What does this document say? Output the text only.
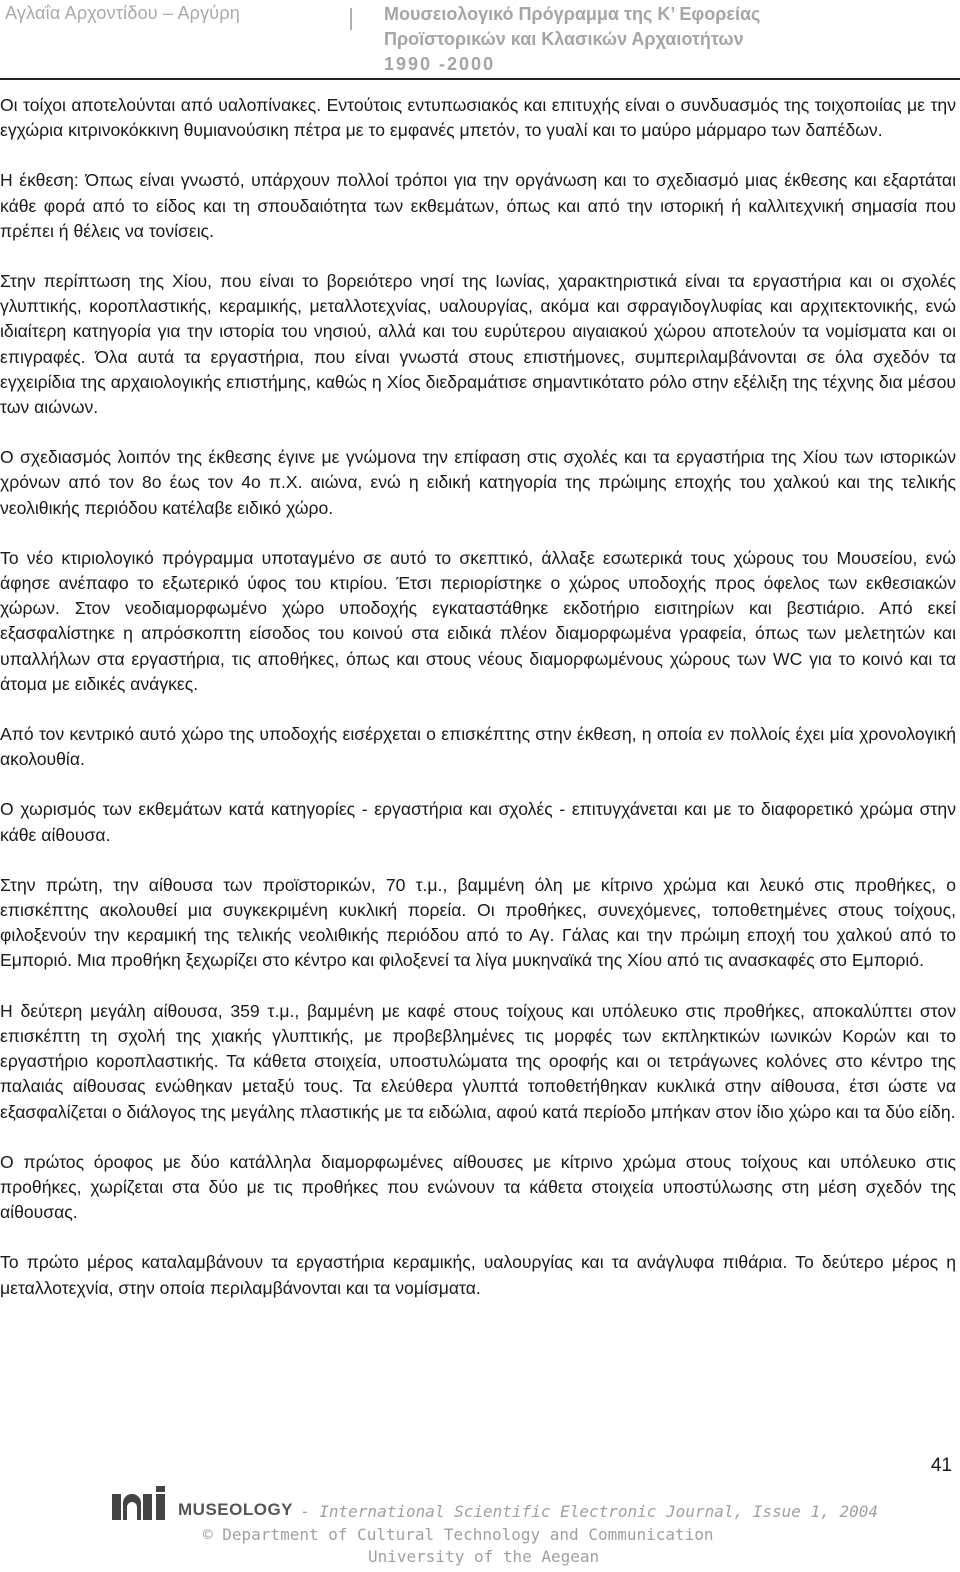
Αγλαΐα Αρχοντίδου – Αργύρη	Μουσειολογικό Πρόγραμμα της Κ’ Εφορείας
Προϊστορικών και Κλασικών Αρχαιοτήτων
1990 -2000

Οι τοίχοι αποτελούνται από υαλοπίνακες. Εντούτοις εντυπωσιακός και επιτυχής είναι ο συνδυασμός της τοιχοποιίας με την εγχώρια κιτρινοκόκκινη θυμιανούσικη πέτρα με το εμφανές μπετόν, το γυαλί και το μαύρο μάρμαρο των δαπέδων.

Η έκθεση: Όπως είναι γνωστό, υπάρχουν πολλοί τρόποι για την οργάνωση και το σχεδιασμό μιας έκθεσης και εξαρτάται κάθε φορά από το είδος και τη σπουδαιότητα των εκθεμάτων, όπως και από την ιστορική ή καλλιτεχνική σημασία που πρέπει ή θέλεις να τονίσεις.

Στην περίπτωση της Χίου, που είναι το βορειότερο νησί της Ιωνίας, χαρακτηριστικά είναι τα εργαστήρια και οι σχολές γλυπτικής, κοροπλαστικής, κεραμικής, μεταλλοτεχνίας, υαλουργίας, ακόμα και σφραγιδογλυφίας και αρχιτεκτονικής, ενώ ιδιαίτερη κατηγορία για την ιστορία του νησιού, αλλά και του ευρύτερου αιγαιακού χώρου αποτελούν τα νομίσματα και οι επιγραφές. Όλα αυτά τα εργαστήρια, που είναι γνωστά στους επιστήμονες, συμπεριλαμβάνονται σε όλα σχεδόν τα εγχειρίδια της αρχαιολογικής επιστήμης, καθώς η Χίος διεδραμάτισε σημαντικότατο ρόλο στην εξέλιξη της τέχνης δια μέσου των αιώνων.

Ο σχεδιασμός λοιπόν της έκθεσης έγινε με γνώμονα την επίφαση στις σχολές και τα εργαστήρια της Χίου των ιστορικών χρόνων από τον 8ο έως τον 4ο π.Χ. αιώνα, ενώ η ειδική κατηγορία της πρώιμης εποχής του χαλκού και της τελικής νεολιθικής περιόδου κατέλαβε ειδικό χώρο.

Το νέο κτιριολογικό πρόγραμμα υποταγμένο σε αυτό το σκεπτικό, άλλαξε εσωτερικά τους χώρους του Μουσείου, ενώ άφησε ανέπαφο το εξωτερικό ύφος του κτιρίου. Έτσι περιορίστηκε ο χώρος υποδοχής προς όφελος των εκθεσιακών χώρων. Στον νεοδιαμορφωμένο χώρο υποδοχής εγκαταστάθηκε εκδοτήριο εισιτηρίων και βεστιάριο. Από εκεί εξασφαλίστηκε η απρόσκοπτη είσοδος του κοινού στα ειδικά πλέον διαμορφωμένα γραφεία, όπως των μελετητών και υπαλλήλων στα εργαστήρια, τις αποθήκες, όπως και στους νέους διαμορφωμένους χώρους των WC για το κοινό και τα άτομα με ειδικές ανάγκες.

Από τον κεντρικό αυτό χώρο της υποδοχής εισέρχεται ο επισκέπτης στην έκθεση, η οποία εν πολλοίς έχει μία χρονολογική ακολουθία.

Ο χωρισμός των εκθεμάτων κατά κατηγορίες - εργαστήρια και σχολές - επιτυγχάνεται και με το διαφορετικό χρώμα στην κάθε αίθουσα.

Στην πρώτη, την αίθουσα των προϊστορικών, 70 τ.μ., βαμμένη όλη με κίτρινο χρώμα και λευκό στις προθήκες, ο επισκέπτης ακολουθεί μια συγκεκριμένη κυκλική πορεία. Οι προθήκες, συνεχόμενες, τοποθετημένες στους τοίχους, φιλοξενούν την κεραμική της τελικής νεολιθικής περιόδου από το Αγ. Γάλας και την πρώιμη εποχή του χαλκού από το Εμποριό. Μια προθήκη ξεχωρίζει στο κέντρο και φιλοξενεί τα λίγα μυκηναϊκά της Χίου από τις ανασκαφές στο Εμποριό.

Η δεύτερη μεγάλη αίθουσα, 359 τ.μ., βαμμένη με καφέ στους τοίχους και υπόλευκο στις προθήκες, αποκαλύπτει στον επισκέπτη τη σχολή της χιακής γλυπτικής, με προβεβλημένες τις μορφές των εκπληκτικών ιωνικών Κορών και το εργαστήριο κοροπλαστικής. Τα κάθετα στοιχεία, υποστυλώματα της οροφής και οι τετράγωνες κολόνες στο κέντρο της παλαιάς αίθουσας ενώθηκαν μεταξύ τους. Τα ελεύθερα γλυπτά τοποθετήθηκαν κυκλικά στην αίθουσα, έτσι ώστε να εξασφαλίζεται ο διάλογος της μεγάλης πλαστικής με τα ειδώλια, αφού κατά περίοδο μπήκαν στον ίδιο χώρο και τα δύο είδη.

Ο πρώτος όροφος με δύο κατάλληλα διαμορφωμένες αίθουσες με κίτρινο χρώμα στους τοίχους και υπόλευκο στις προθήκες, χωρίζεται στα δύο με τις προθήκες που ενώνουν τα κάθετα στοιχεία υποστύλωσης στη μέση σχεδόν της αίθουσας.

Το πρώτο μέρος καταλαμβάνουν τα εργαστήρια κεραμικής, υαλουργίας και τα ανάγλυφα πιθάρια. Το δεύτερο μέρος η μεταλλοτεχνία, στην οποία περιλαμβάνονται και τα νομίσματα.

41
MUSEOLOGY - International Scientific Electronic Journal, Issue 1, 2004
© Department of Cultural Technology and Communication
University of the Aegean
